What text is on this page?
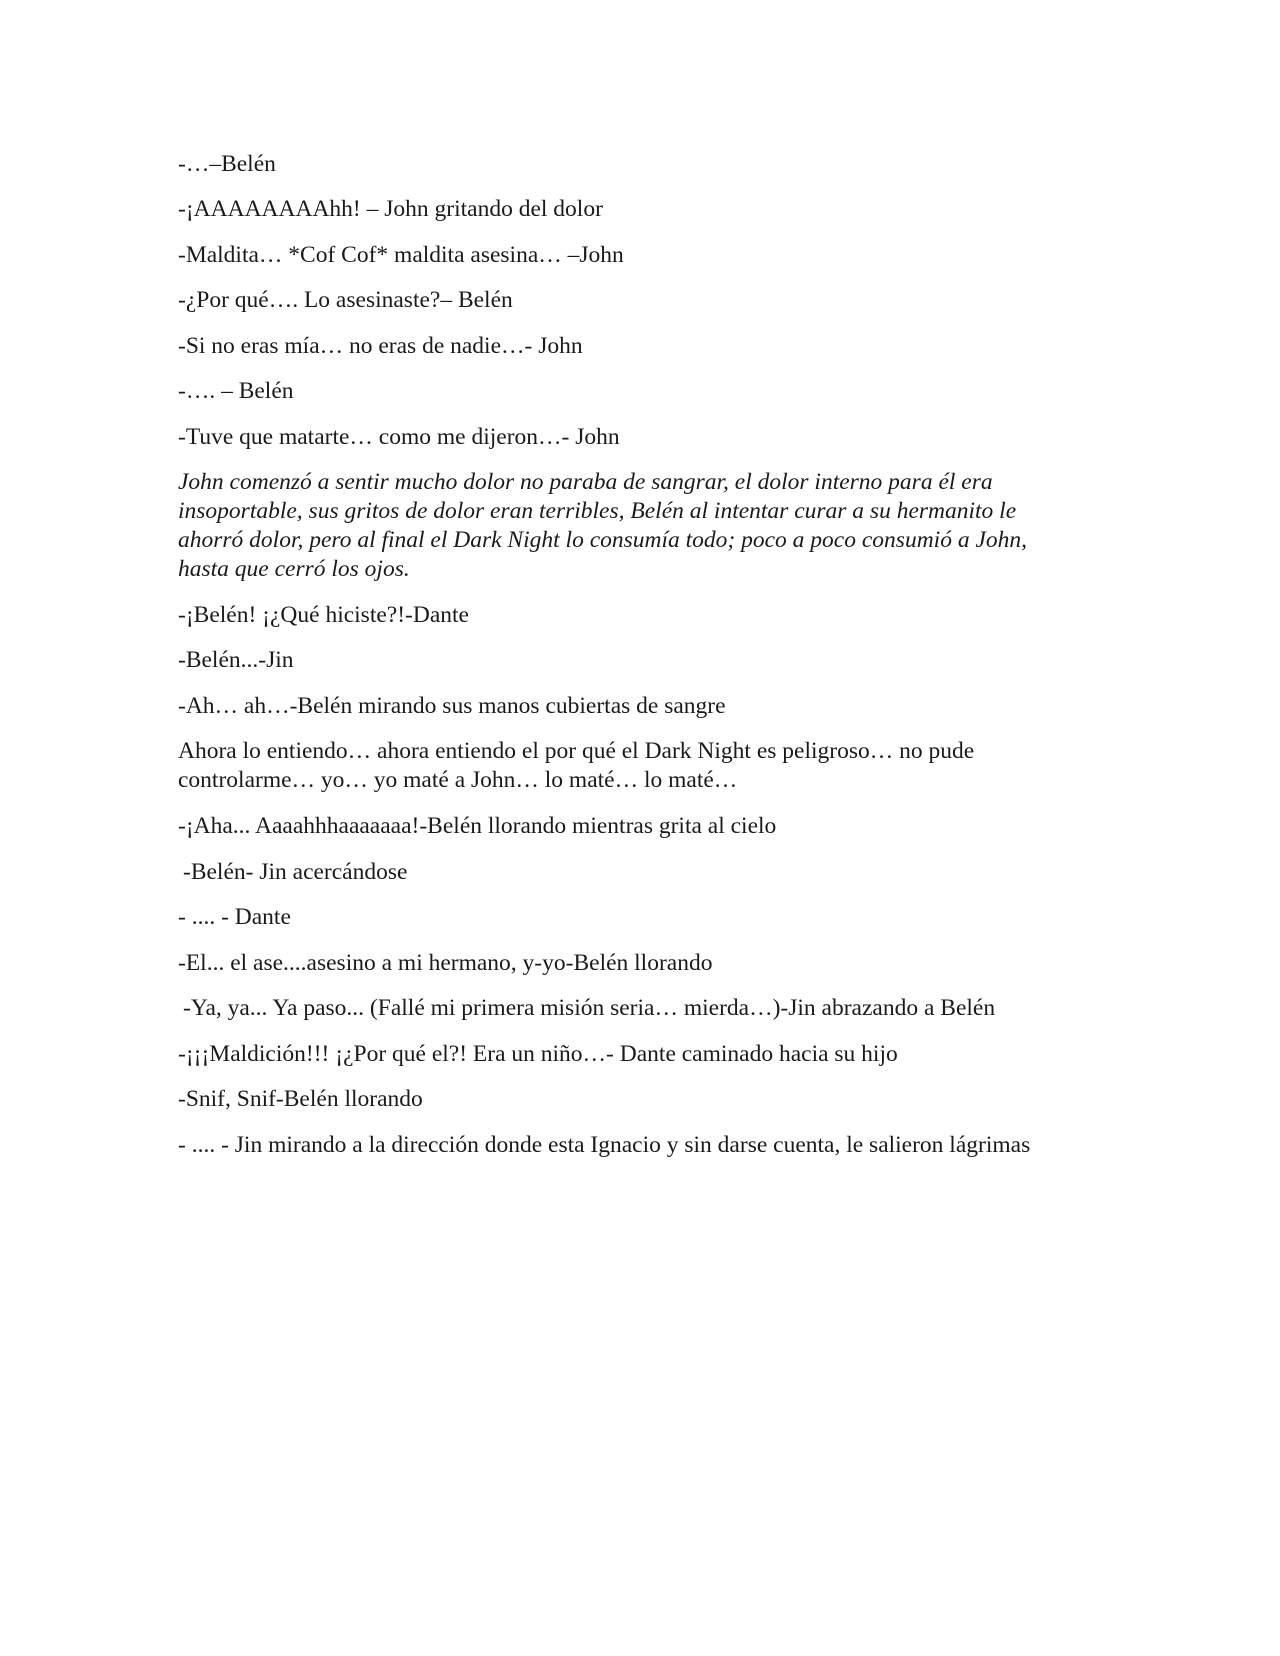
-…–Belén

-¡AAAAAAAAhh! – John gritando del dolor

-Maldita… *Cof Cof* maldita asesina… –John

-¿Por qué…. Lo asesinaste?– Belén

-Si no eras mía… no eras de nadie…- John

-…. – Belén

-Tuve que matarte… como me dijeron…- John

John comenzó a sentir mucho dolor no paraba de sangrar, el dolor interno para él era
insoportable, sus gritos de dolor eran terribles, Belén al intentar curar a su hermanito le
ahorró dolor, pero al final el Dark Night lo consumía todo; poco a poco consumió a John,
hasta que cerró los ojos.

-¡Belén! ¡¿Qué hiciste?!-Dante

-Belén...-Jin

-Ah… ah…-Belén mirando sus manos cubiertas de sangre

Ahora lo entiendo… ahora entiendo el por qué el Dark Night es peligroso… no pude
controlarme… yo… yo maté a John… lo maté… lo maté…

-¡Aha... Aaaahhhaaaaaaa!-Belén llorando mientras grita al cielo

-Belén- Jin acercándose

- .... - Dante

-El... el ase....asesino a mi hermano, y-yo-Belén llorando

-Ya, ya... Ya paso... (Fallé mi primera misión seria… mierda…)-Jin abrazando a Belén

-¡¡¡Maldición!!! ¡¿Por qué el?! Era un niño…- Dante caminado hacia su hijo

-Snif, Snif-Belén llorando

- .... - Jin mirando a la dirección donde esta Ignacio y sin darse cuenta, le salieron lágrimas
